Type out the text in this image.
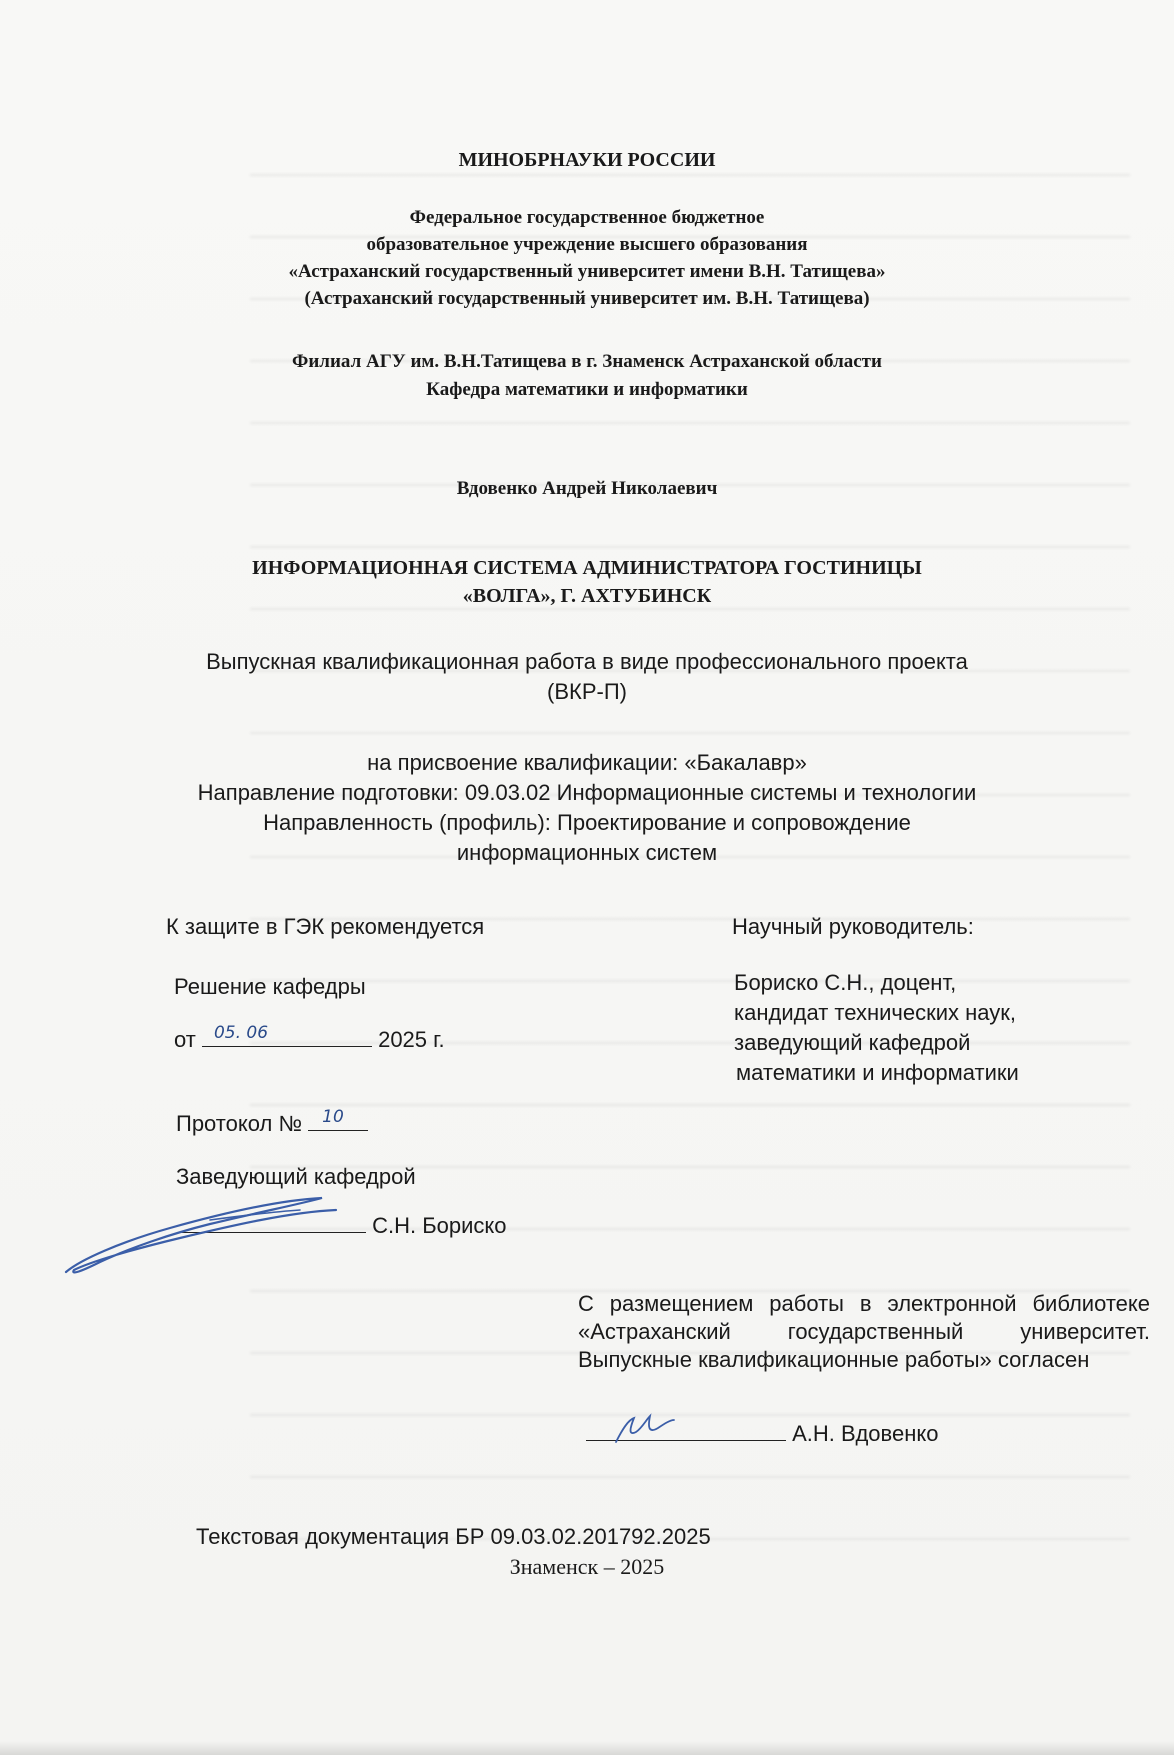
МИНОБРНАУКИ РОССИИ
Федеральное государственное бюджетное
образовательное учреждение высшего образования
«Астраханский государственный университет имени В.Н. Татищева»
(Астраханский государственный университет им. В.Н. Татищева)
Филиал АГУ им. В.Н.Татищева в г. Знаменск Астраханской области
Кафедра математики и информатики
Вдовенко Андрей Николаевич
ИНФОРМАЦИОННАЯ СИСТЕМА АДМИНИСТРАТОРА ГОСТИНИЦЫ
«ВОЛГА», Г. АХТУБИНСК
Выпускная квалификационная работа в виде профессионального проекта
(ВКР-П)
на присвоение квалификации: «Бакалавр»
Направление подготовки: 09.03.02 Информационные системы и технологии
Направленность (профиль): Проектирование и сопровождение
информационных систем
К защите в ГЭК рекомендуется
Решение кафедры
от 05. 06	2025 г.
Протокол № 10
Заведующий кафедрой
С.Н. Бориско
Научный руководитель:
Бориско С.Н., доцент,
кандидат технических наук,
заведующий кафедрой
математики и информатики
С размещением работы в электронной библиотеке «Астраханский государственный университет. Выпускные квалификационные работы» согласен
А.Н. Вдовенко
Текстовая документация БР 09.03.02.201792.2025
Знаменск – 2025
